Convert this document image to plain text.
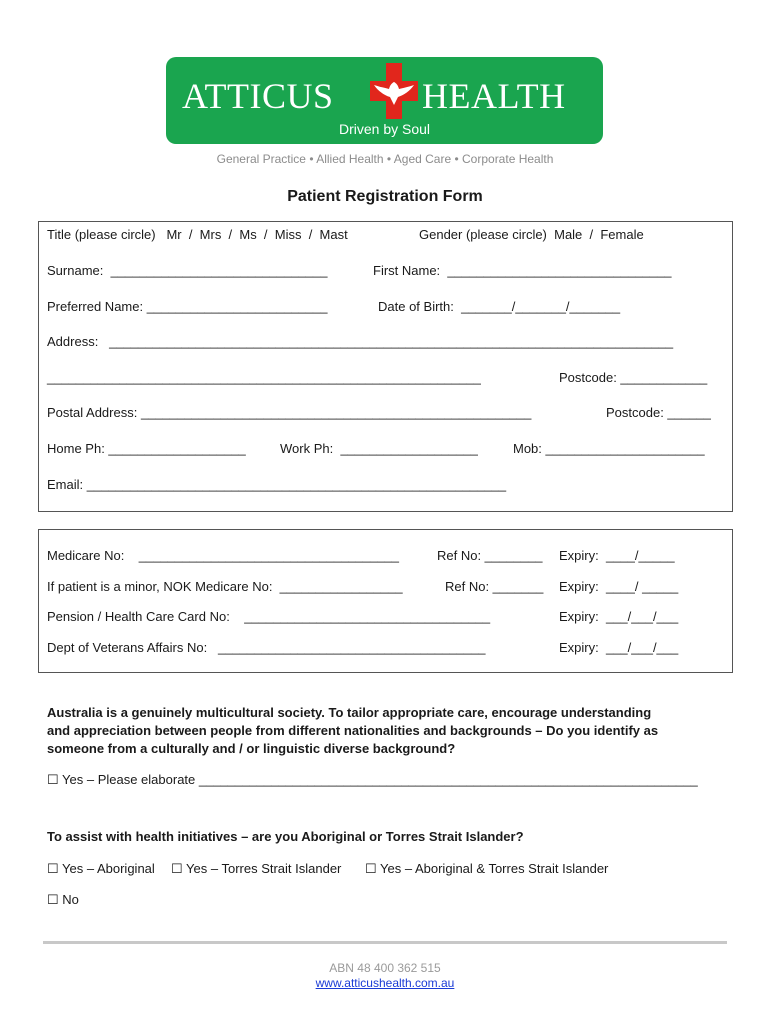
ATTICUS HEALTH
Driven by Soul
General Practice • Allied Health • Aged Care • Corporate Health
Patient Registration Form
Title (please circle)   Mr  /  Mrs  /  Ms  /  Miss  /  Mast	Gender (please circle)  Male  /  Female
Surname:  ______________________________	First Name:  _______________________________
Preferred Name: _________________________	Date of Birth:  _______/_______/_______
Address:   ______________________________________________________________________________
____________________________________________________________	Postcode: ____________
Postal Address: ______________________________________________________	Postcode: ______
Home Ph: ___________________	Work Ph:  ___________________	Mob: ______________________
Email: __________________________________________________________
Medicare No:    ____________________________________	Ref No: ________ Expiry:  ____/_____
If patient is a minor, NOK Medicare No:  _________________	Ref No: _______ Expiry:  ____/ _____
Pension / Health Care Card No:    __________________________________	Expiry:  ___/___/___
Dept of Veterans Affairs No:   _____________________________________	Expiry:  ___/___/___
Australia is a genuinely multicultural society. To tailor appropriate care, encourage understanding
and appreciation between people from different nationalities and backgrounds – Do you identify as
someone from a culturally and / or linguistic diverse background?
☐ Yes – Please elaborate _____________________________________________________________________
To assist with health initiatives – are you Aboriginal or Torres Strait Islander?
☐ Yes – Aboriginal ☐ Yes – Torres Strait Islander ☐ Yes – Aboriginal & Torres Strait Islander
☐ No
ABN 48 400 362 515
www.atticushealth.com.au
